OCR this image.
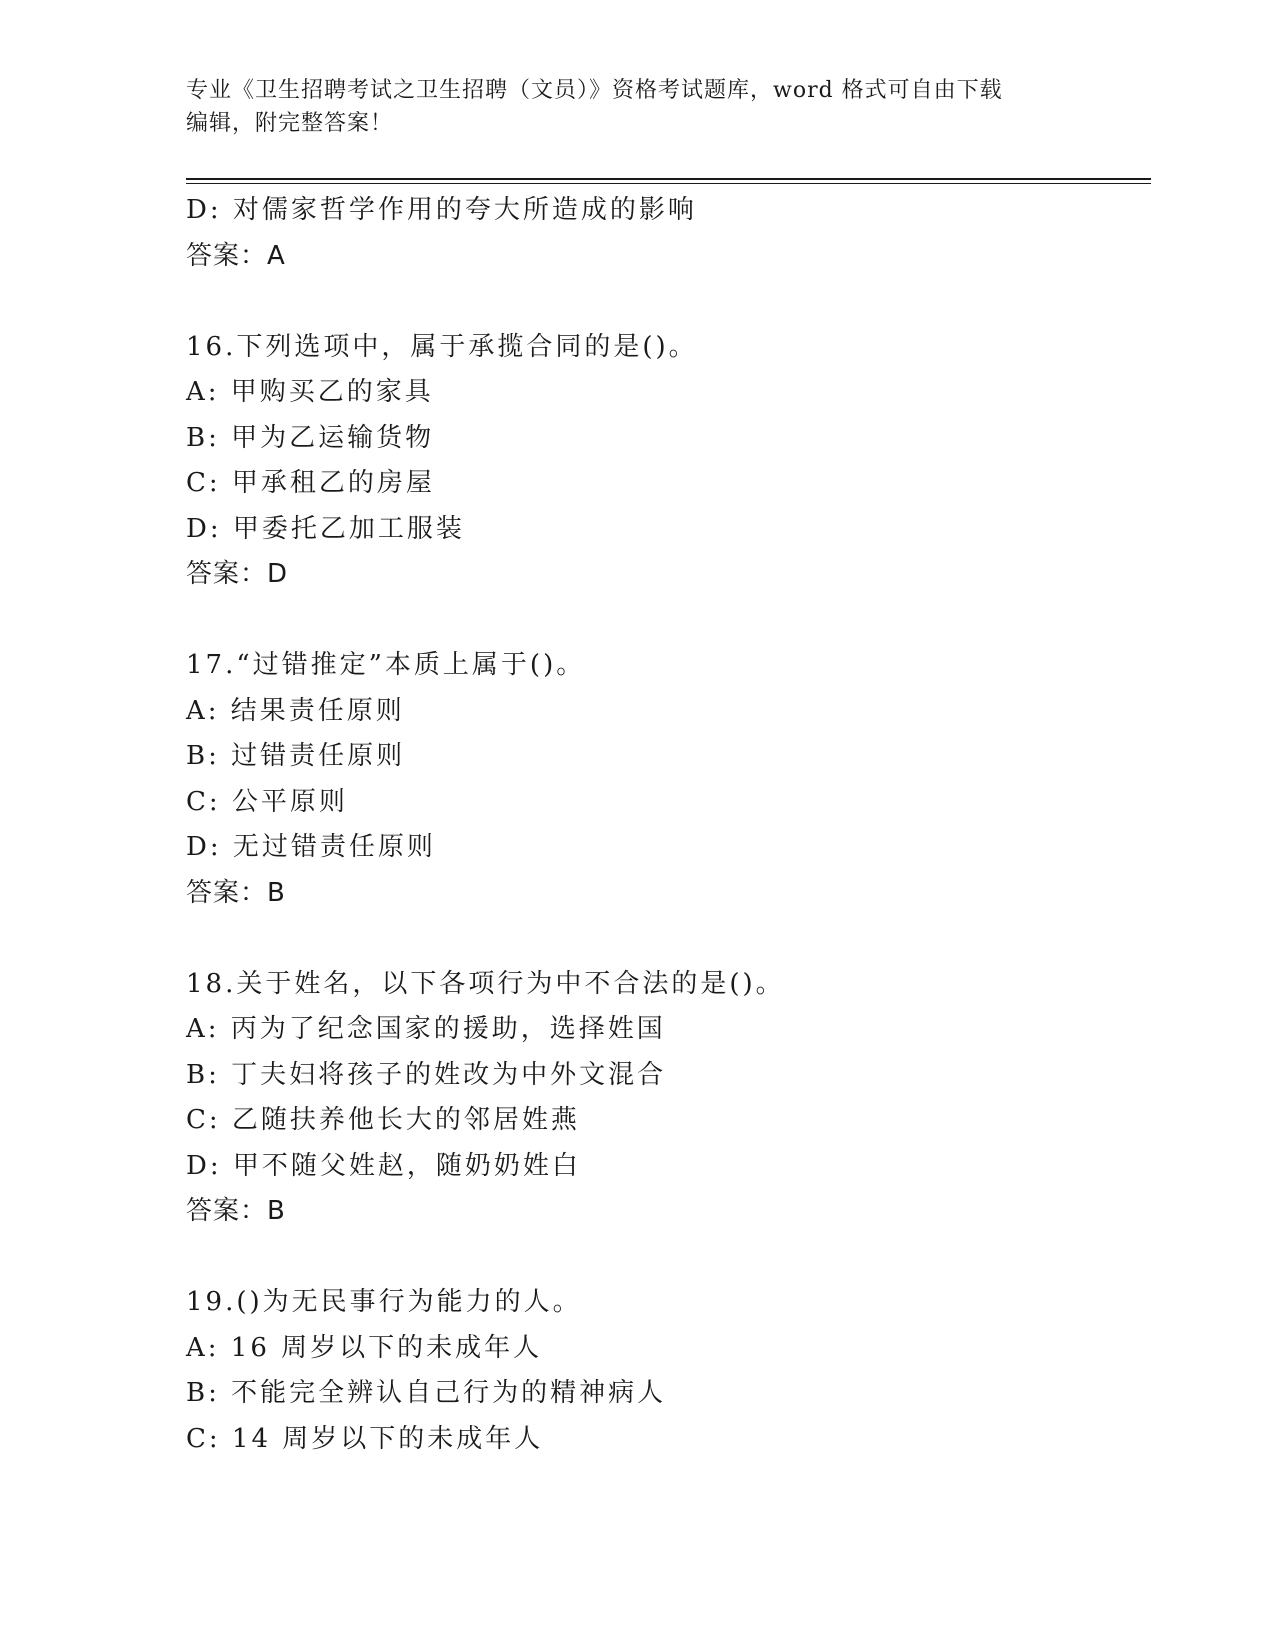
专业《卫生招聘考试之卫生招聘（文员）》资格考试题库，word 格式可自由下载
编辑，附完整答案！
D: 对儒家哲学作用的夸大所造成的影响
答案：A
16.下列选项中，属于承揽合同的是()。
A: 甲购买乙的家具
B: 甲为乙运输货物
C: 甲承租乙的房屋
D: 甲委托乙加工服装
答案：D
17.“过错推定”本质上属于()。
A: 结果责任原则
B: 过错责任原则
C: 公平原则
D: 无过错责任原则
答案：B
18.关于姓名，以下各项行为中不合法的是()。
A: 丙为了纪念国家的援助，选择姓国
B: 丁夫妇将孩子的姓改为中外文混合
C: 乙随扶养他长大的邻居姓燕
D: 甲不随父姓赵，随奶奶姓白
答案：B
19.()为无民事行为能力的人。
A: 16 周岁以下的未成年人
B: 不能完全辨认自己行为的精神病人
C: 14 周岁以下的未成年人
